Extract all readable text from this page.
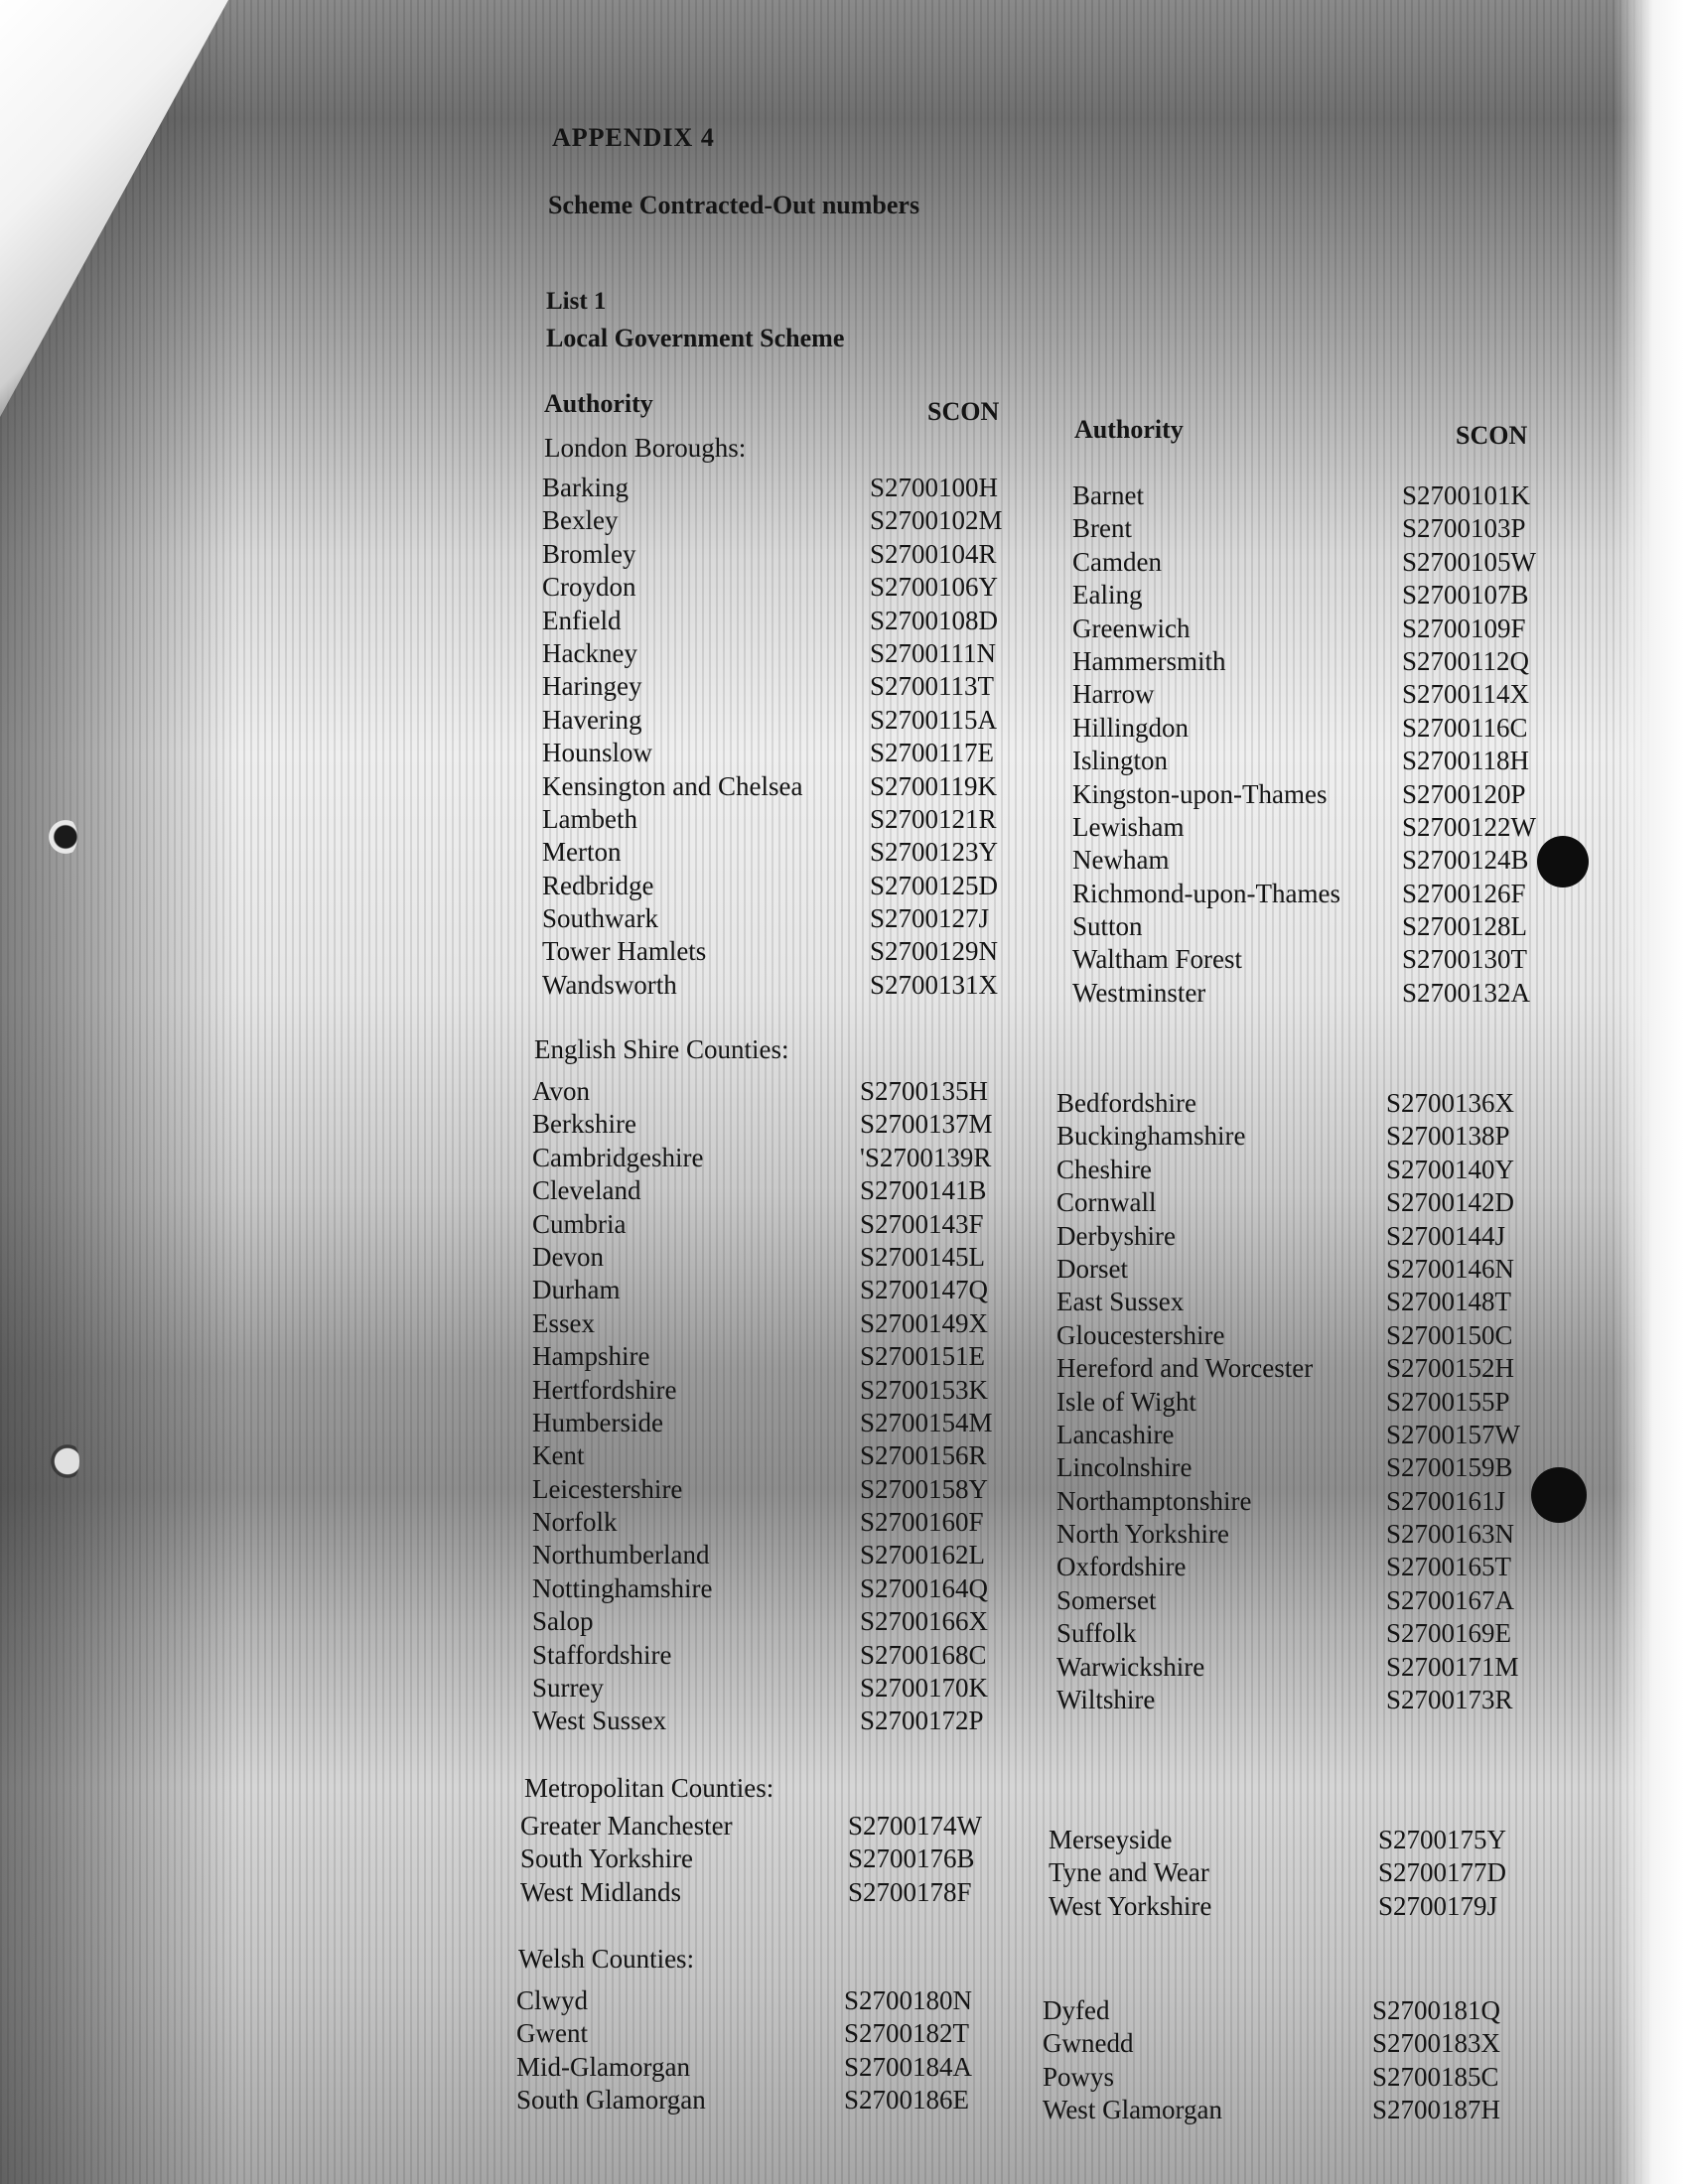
APPENDIX 4

Scheme Contracted-Out numbers

List 1

Local Government Scheme

Authority	SCON
Authority	SCON
London Boroughs:
Barking	S2700100H
Bexley	S2700102M
Bromley	S2700104R
Croydon	S2700106Y
Enfield	S2700108D
Hackney	S2700111N
Haringey	S2700113T
Havering	S2700115A
Hounslow	S2700117E
Kensington and Chelsea	S2700119K
Lambeth	S2700121R
Merton	S2700123Y
Redbridge	S2700125D
Southwark	S2700127J
Tower Hamlets	S2700129N
Wandsworth	S2700131X
Barnet	S2700101K
Brent	S2700103P
Camden	S2700105W
Ealing	S2700107B
Greenwich	S2700109F
Hammersmith	S2700112Q
Harrow	S2700114X
Hillingdon	S2700116C
Islington	S2700118H
Kingston-upon-Thames	S2700120P
Lewisham	S2700122W
Newham	S2700124B
Richmond-upon-Thames S2700126F
Sutton	S2700128L
Waltham Forest	S2700130T
Westminster	S2700132A
English Shire Counties:
Avon	S2700135H
Berkshire	S2700137M
Cambridgeshire	'S2700139R
Cleveland	S2700141B
Cumbria	S2700143F
Devon	S2700145L
Durham	S2700147Q
Essex	S2700149X
Hampshire	S2700151E
Hertfordshire	S2700153K
Humberside	S2700154M
Kent	S2700156R
Leicestershire	S2700158Y
Norfolk	S2700160F
Northumberland	S2700162L
Nottinghamshire	S2700164Q
Salop	S2700166X
Staffordshire	S2700168C
Surrey	S2700170K
West Sussex	S2700172P
Bedfordshire	S2700136X
Buckinghamshire	S2700138P
Cheshire	S2700140Y
Cornwall	S2700142D
Derbyshire	S2700144J
Dorset	S2700146N
East Sussex	S2700148T
Gloucestershire	S2700150C
Hereford and Worcester	S2700152H
Isle of Wight	S2700155P
Lancashire	S2700157W
Lincolnshire	S2700159B
Northamptonshire	S2700161J
North Yorkshire	S2700163N
Oxfordshire	S2700165T
Somerset	S2700167A
Suffolk	S2700169E
Warwickshire	S2700171M
Wiltshire	S2700173R
Metropolitan Counties:
Greater Manchester	S2700174W
South Yorkshire	S2700176B
West Midlands	S2700178F
Merseyside	S2700175Y
Tyne and Wear	S2700177D
West Yorkshire	S2700179J
Welsh Counties:
Clwyd	S2700180N
Gwent	S2700182T
Mid-Glamorgan	S2700184A
South Glamorgan	S2700186E
Dyfed	S2700181Q
Gwnedd	S2700183X
Powys	S2700185C
West Glamorgan	S2700187H
